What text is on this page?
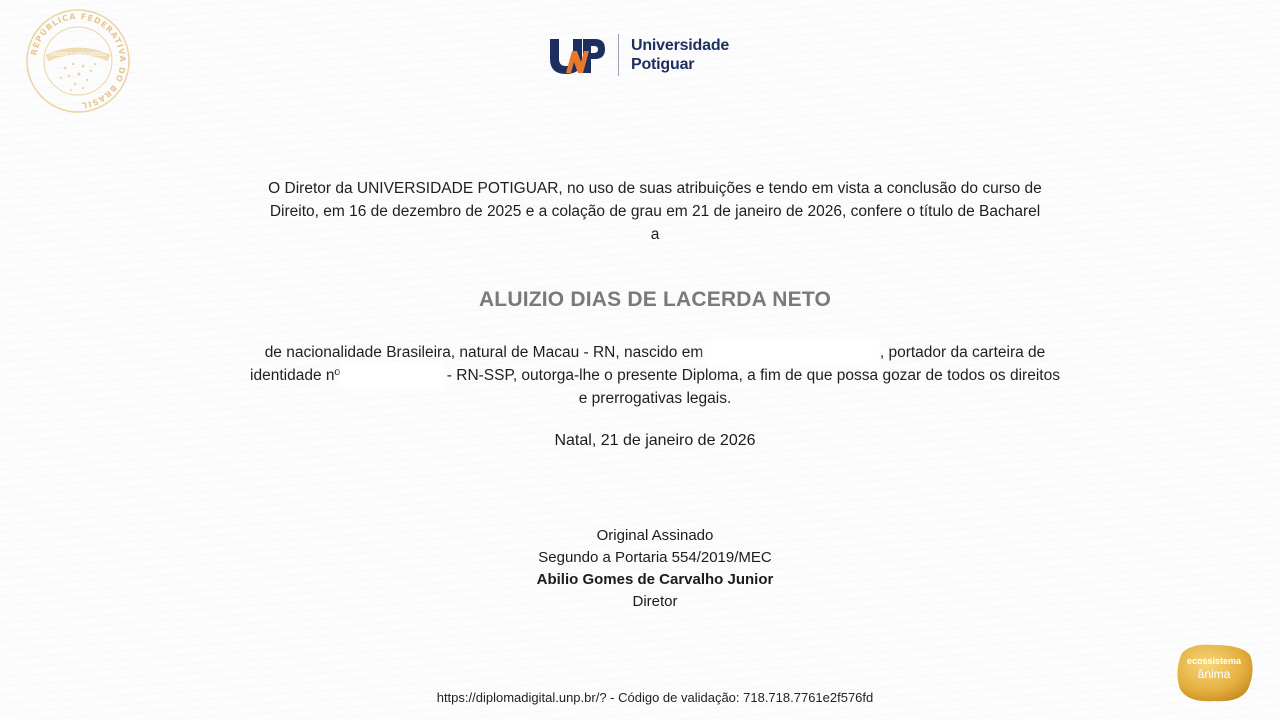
REPÚBLICA FEDERATIVA DO BRASIL
ORDEM E PROGRESSO
Universidade
Potiguar
O Diretor da UNIVERSIDADE POTIGUAR, no uso de suas atribuições e tendo em vista a conclusão do curso de
Direito, em 16 de dezembro de 2025 e a colação de grau em 21 de janeiro de 2026, confere o título de Bacharel
a
ALUIZIO DIAS DE LACERDA NETO
de nacionalidade Brasileira, natural de Macau - RN, nascido em	, portador da carteira de
identidade nº	- RN-SSP, outorga-lhe o presente Diploma, a fim de que possa gozar de todos os direitos
e prerrogativas legais.
Natal, 21 de janeiro de 2026
Original Assinado
Segundo a Portaria 554/2019/MEC
Abilio Gomes de Carvalho Junior
Diretor
https://diplomadigital.unp.br/? - Código de validação: 718.718.7761e2f576fd
ecossistema
ânima
